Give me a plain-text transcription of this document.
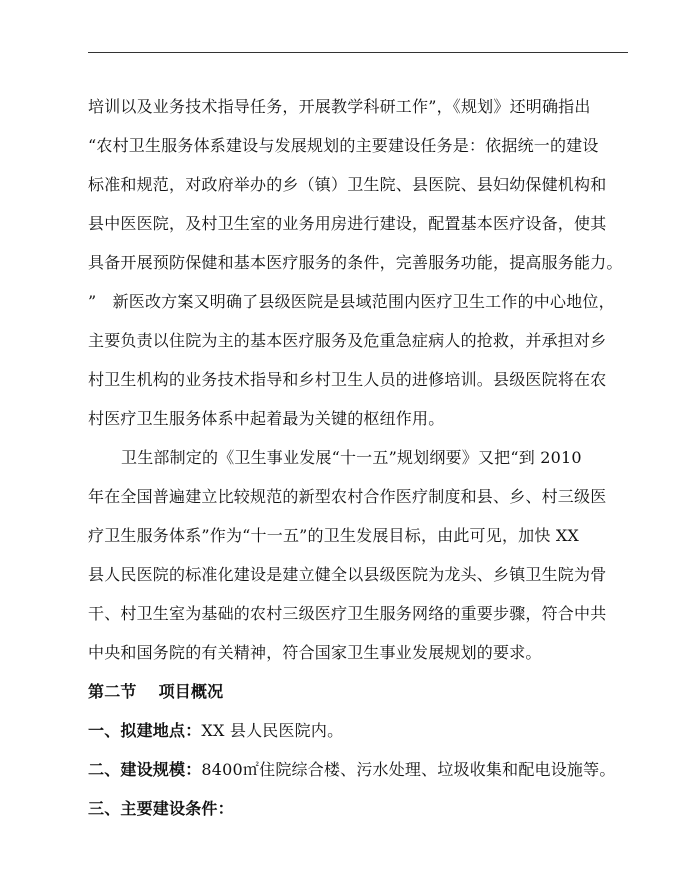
培训以及业务技术指导任务，开展教学科研工作”，《规划》还明确指出
“农村卫生服务体系建设与发展规划的主要建设任务是：依据统一的建设
标准和规范，对政府举办的乡（镇）卫生院、县医院、县妇幼保健机构和
县中医医院，及村卫生室的业务用房进行建设，配置基本医疗设备，使其
具备开展预防保健和基本医疗服务的条件，完善服务功能，提高服务能力。
”　新医改方案又明确了县级医院是县域范围内医疗卫生工作的中心地位，
主要负责以住院为主的基本医疗服务及危重急症病人的抢救，并承担对乡
村卫生机构的业务技术指导和乡村卫生人员的进修培训。县级医院将在农
村医疗卫生服务体系中起着最为关键的枢纽作用。
卫生部制定的《卫生事业发展“十一五”规划纲要》又把“到 2010
年在全国普遍建立比较规范的新型农村合作医疗制度和县、乡、村三级医
疗卫生服务体系”作为“十一五”的卫生发展目标，由此可见，加快 XX
县人民医院的标准化建设是建立健全以县级医院为龙头、乡镇卫生院为骨
干、村卫生室为基础的农村三级医疗卫生服务网络的重要步骤，符合中共
中央和国务院的有关精神，符合国家卫生事业发展规划的要求。
第二节　 项目概况
一、拟建地点：XX 县人民医院内。
二、建设规模：8400㎡住院综合楼、污水处理、垃圾收集和配电设施等。
三、主要建设条件：
